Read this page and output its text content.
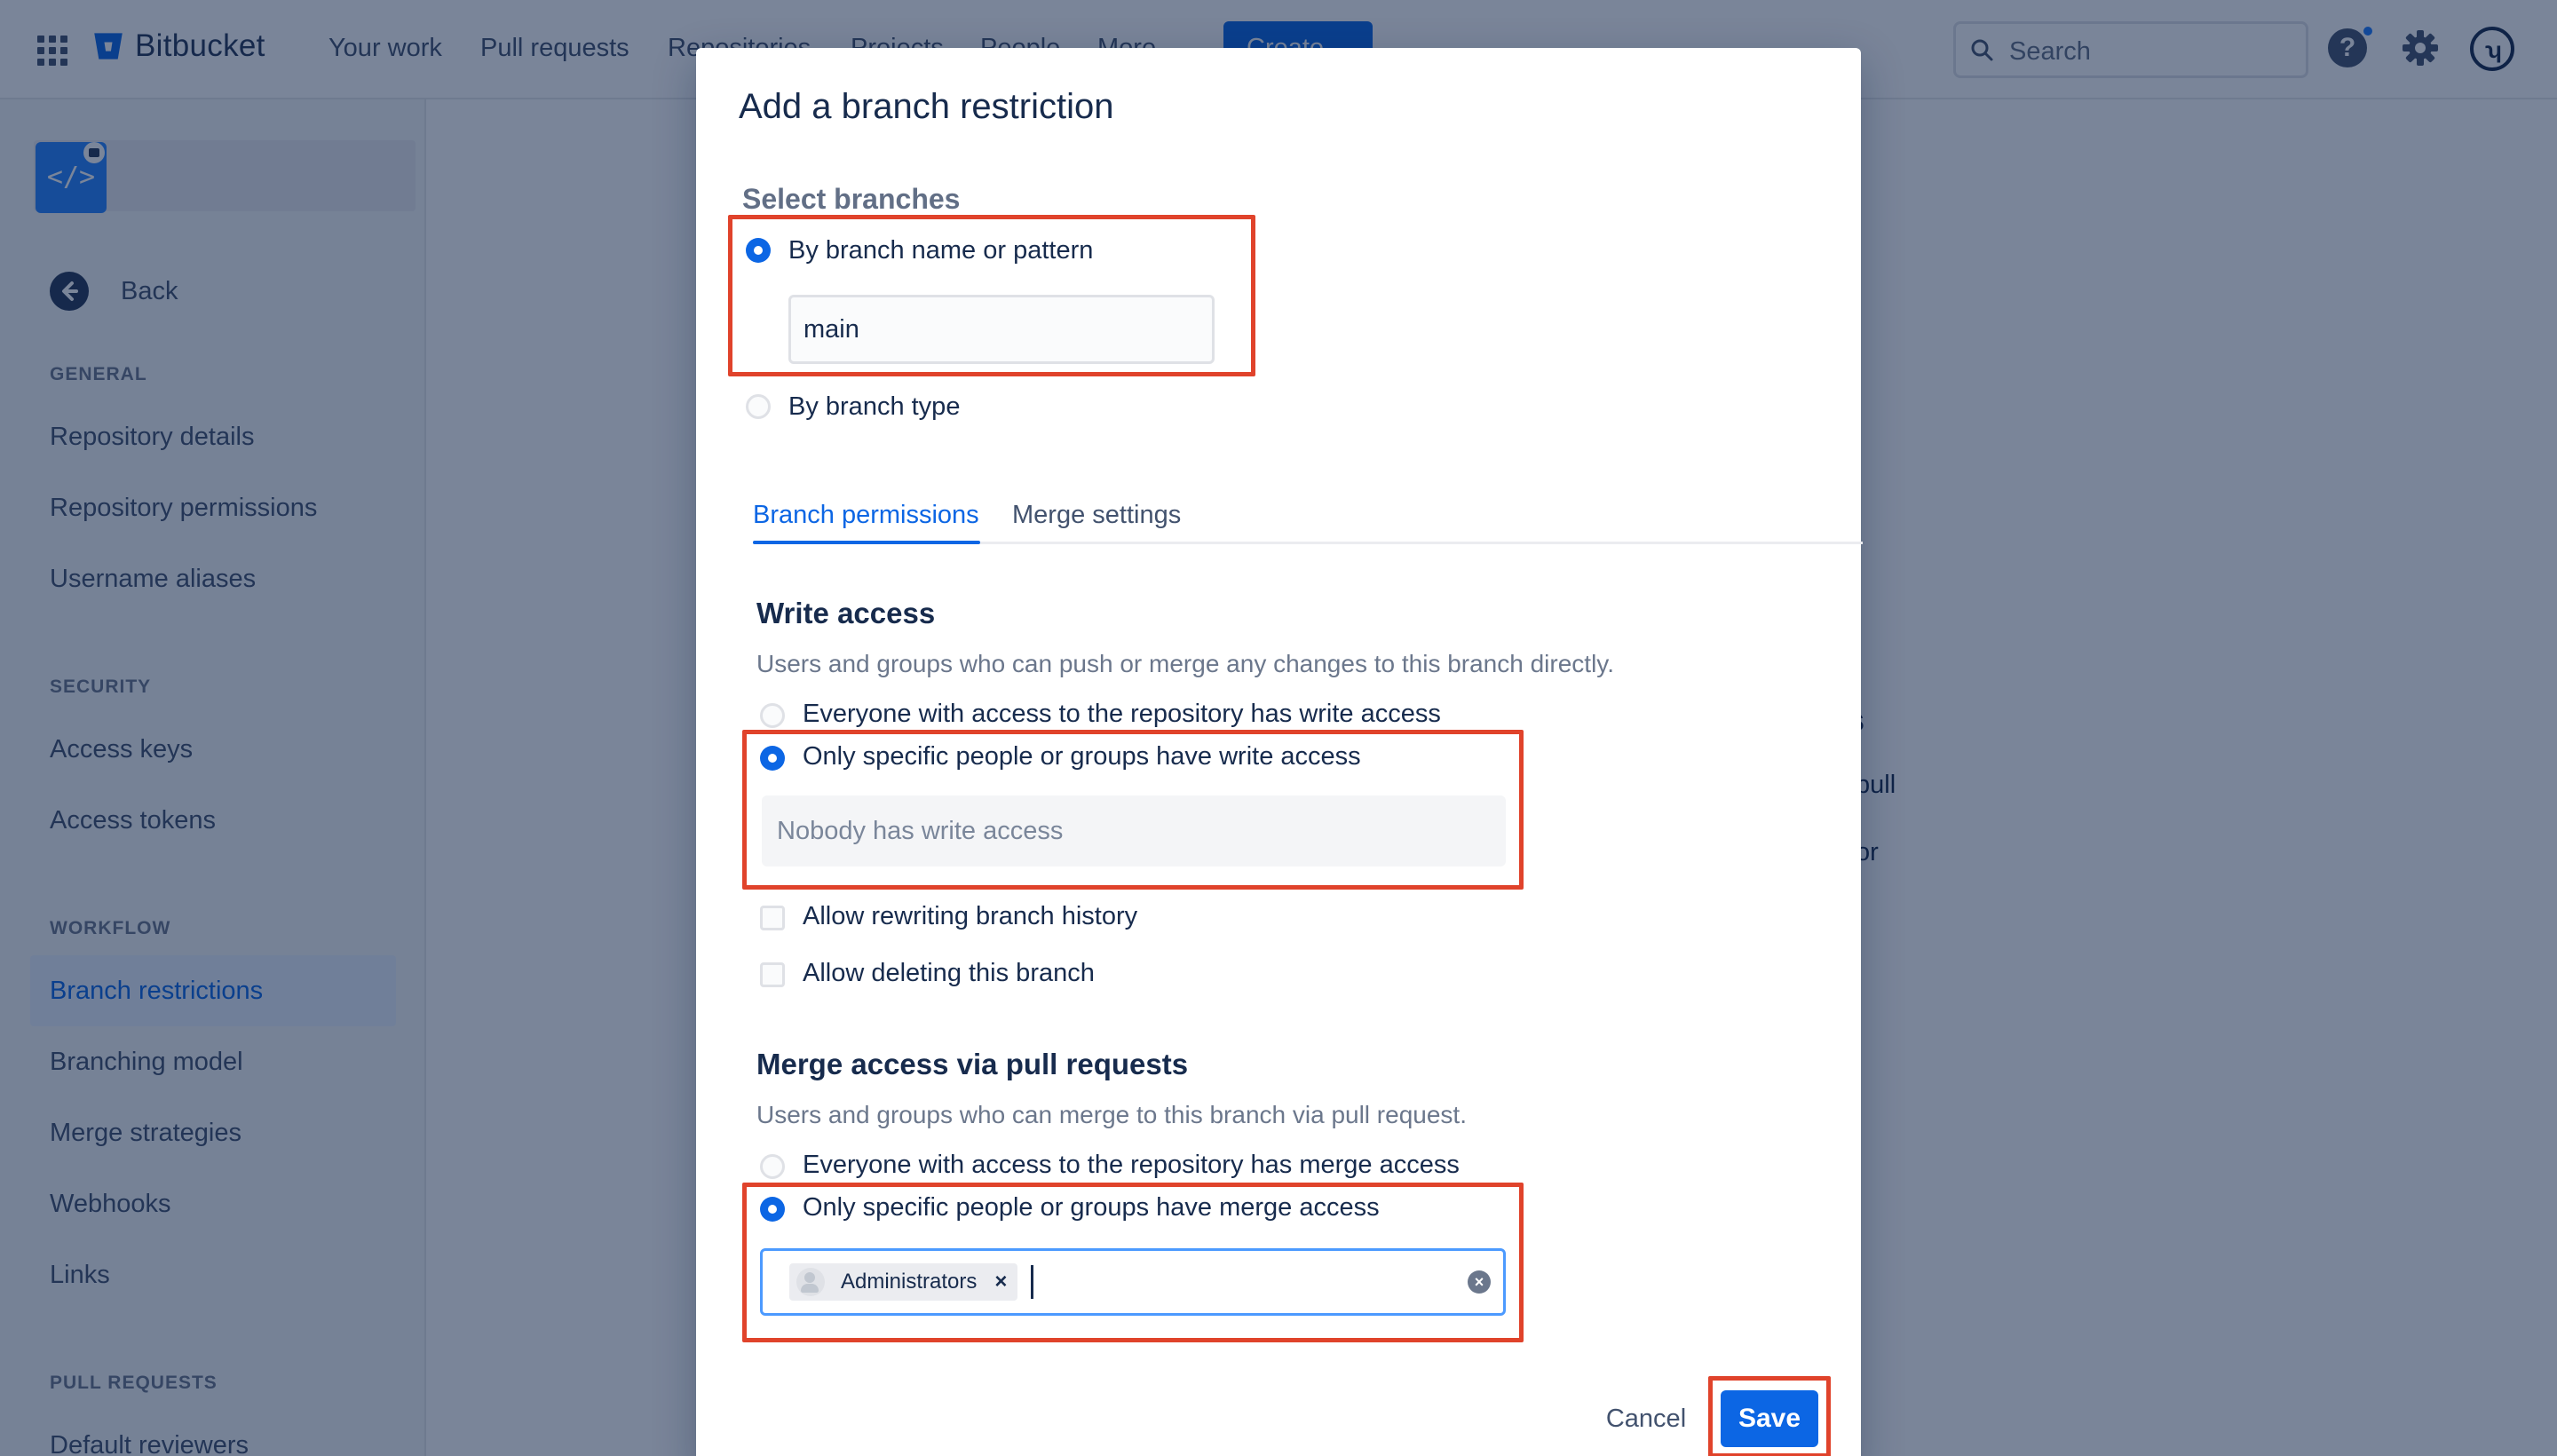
Add a branch restriction
Select branches
By branch name or pattern
main
By branch type
Branch permissions Merge settings
Write access
Users and groups who can push or merge any changes to this branch directly.
Everyone with access to the repository has write access
Only specific people or groups have write access
Nobody has write access
Allow rewriting branch history
Allow deleting this branch
Merge access via pull requests
Users and groups who can merge to this branch via pull request.
Everyone with access to the repository has merge access
Only specific people or groups have merge access
Administrators ×	×
Cancel	Save
